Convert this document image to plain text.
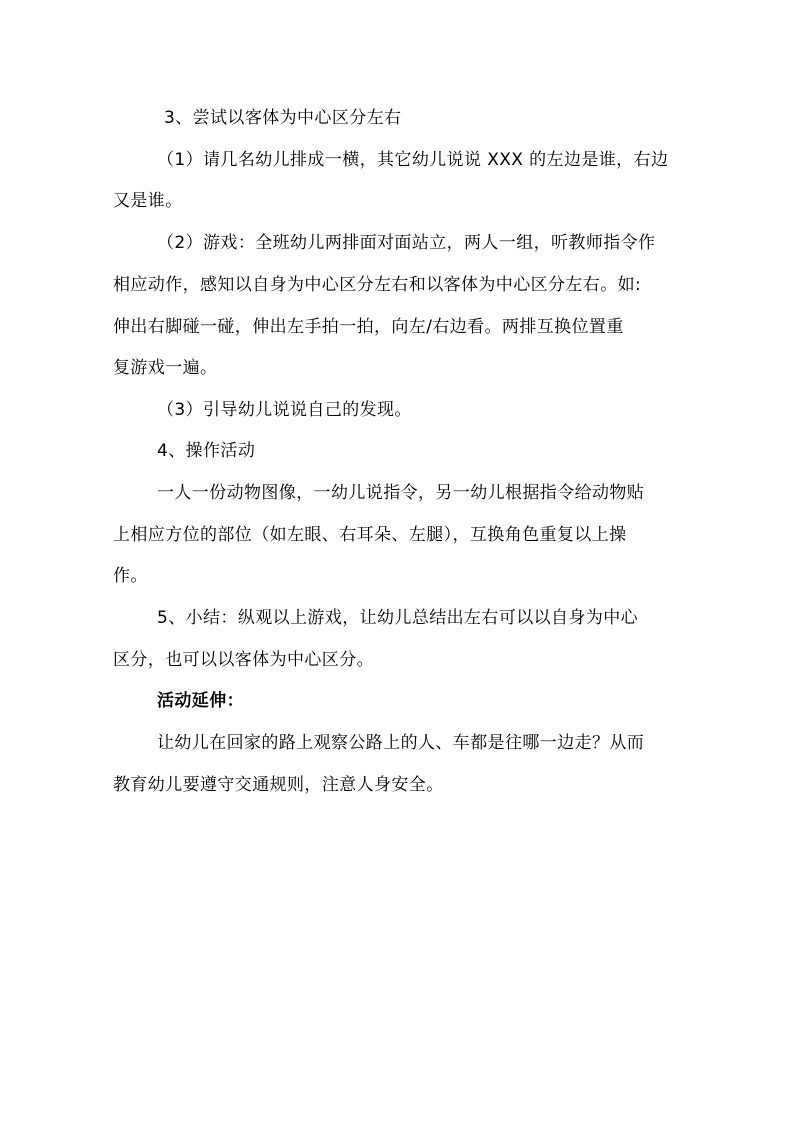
3、尝试以客体为中心区分左右
（1）请几名幼儿排成一横，其它幼儿说说 XXX 的左边是谁，右边
又是谁。
（2）游戏：全班幼儿两排面对面站立，两人一组，听教师指令作
相应动作，感知以自身为中心区分左右和以客体为中心区分左右。如:
伸出右脚碰一碰，伸出左手拍一拍，向左/右边看。两排互换位置重
复游戏一遍。
（3）引导幼儿说说自己的发现。
4、操作活动
一人一份动物图像，一幼儿说指令，另一幼儿根据指令给动物贴
上相应方位的部位（如左眼、右耳朵、左腿），互换角色重复以上操
作。
5、小结：纵观以上游戏，让幼儿总结出左右可以以自身为中心
区分，也可以以客体为中心区分。
活动延伸：
让幼儿在回家的路上观察公路上的人、车都是往哪一边走？从而
教育幼儿要遵守交通规则，注意人身安全。
